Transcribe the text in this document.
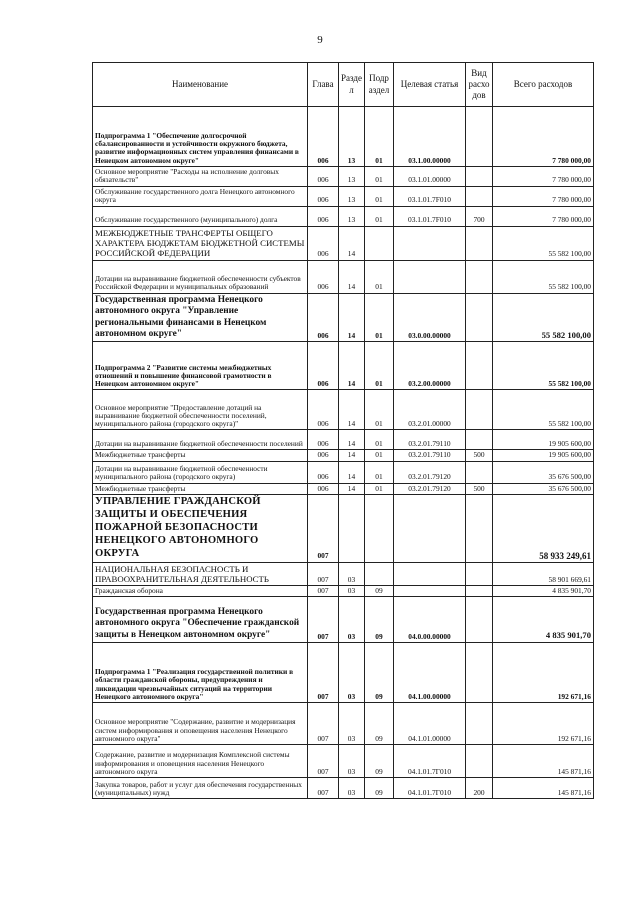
9
Наименование	Глава	Разде л	Подр аздел	Целевая статья	Вид расхо дов	Всего расходов
Подпрограмма 1 "Обеспечение долгосрочной сбалансированности и устойчивости окружного бюджета, развитие информационных систем управления финансами в Ненецком автономном округе"	006	13	01	03.1.00.00000		7 780 000,00
Основное мероприятие "Расходы на исполнение долговых обязательств"	006	13	01	03.1.01.00000		7 780 000,00
Обслуживание государственного долга Ненецкого автономного округа	006	13	01	03.1.01.7F010		7 780 000,00
Обслуживание государственного (муниципального) долга	006	13	01	03.1.01.7F010	700	7 780 000,00
МЕЖБЮДЖЕТНЫЕ ТРАНСФЕРТЫ ОБЩЕГО ХАРАКТЕРА БЮДЖЕТАМ БЮДЖЕТНОЙ СИСТЕМЫ РОССИЙСКОЙ ФЕДЕРАЦИИ	006	14				55 582 100,00
Дотации на выравнивание бюджетной обеспеченности субъектов Российской Федерации и муниципальных образований	006	14	01			55 582 100,00
Государственная программа Ненецкого автономного округа "Управление региональными финансами в Ненецком автономном округе"	006	14	01	03.0.00.00000		55 582 100,00
Подпрограмма 2 "Развитие системы межбюджетных отношений и повышение финансовой грамотности в Ненецком автономном округе"	006	14	01	03.2.00.00000		55 582 100,00
Основное мероприятие "Предоставление дотаций на выравнивание бюджетной обеспеченности поселений, муниципального района (городского округа)"	006	14	01	03.2.01.00000		55 582 100,00
Дотации на выравнивание бюджетной обеспеченности поселений	006	14	01	03.2.01.79110		19 905 600,00
Межбюджетные трансферты	006	14	01	03.2.01.79110	500	19 905 600,00
Дотации на выравнивание бюджетной обеспеченности муниципального района (городского округа)	006	14	01	03.2.01.79120		35 676 500,00
Межбюджетные трансферты	006	14	01	03.2.01.79120	500	35 676 500,00
УПРАВЛЕНИЕ ГРАЖДАНСКОЙ ЗАЩИТЫ И ОБЕСПЕЧЕНИЯ ПОЖАРНОЙ БЕЗОПАСНОСТИ НЕНЕЦКОГО АВТОНОМНОГО ОКРУГА	007					58 933 249,61
НАЦИОНАЛЬНАЯ БЕЗОПАСНОСТЬ И ПРАВООХРАНИТЕЛЬНАЯ ДЕЯТЕЛЬНОСТЬ	007	03				58 901 669,61
Гражданская оборона	007	03	09			4 835 901,70
Государственная программа Ненецкого автономного округа "Обеспечение гражданской защиты в Ненецком автономном округе"	007	03	09	04.0.00.00000		4 835 901,70
Подпрограмма 1 "Реализация государственной политики в области гражданской обороны, предупреждения и ликвидации чрезвычайных ситуаций на территории Ненецкого автономного округа"	007	03	09	04.1.00.00000		192 671,16
Основное мероприятие "Содержание, развитие и модернизация систем информирования и оповещения населения Ненецкого автономного округа"	007	03	09	04.1.01.00000		192 671,16
Содержание, развитие и модернизация Комплексной системы информирования и оповещения населения Ненецкого автономного округа	007	03	09	04.1.01.7Г010		145 871,16
Закупка товаров, работ и услуг для обеспечения государственных (муниципальных) нужд	007	03	09	04.1.01.7Г010	200	145 871,16
